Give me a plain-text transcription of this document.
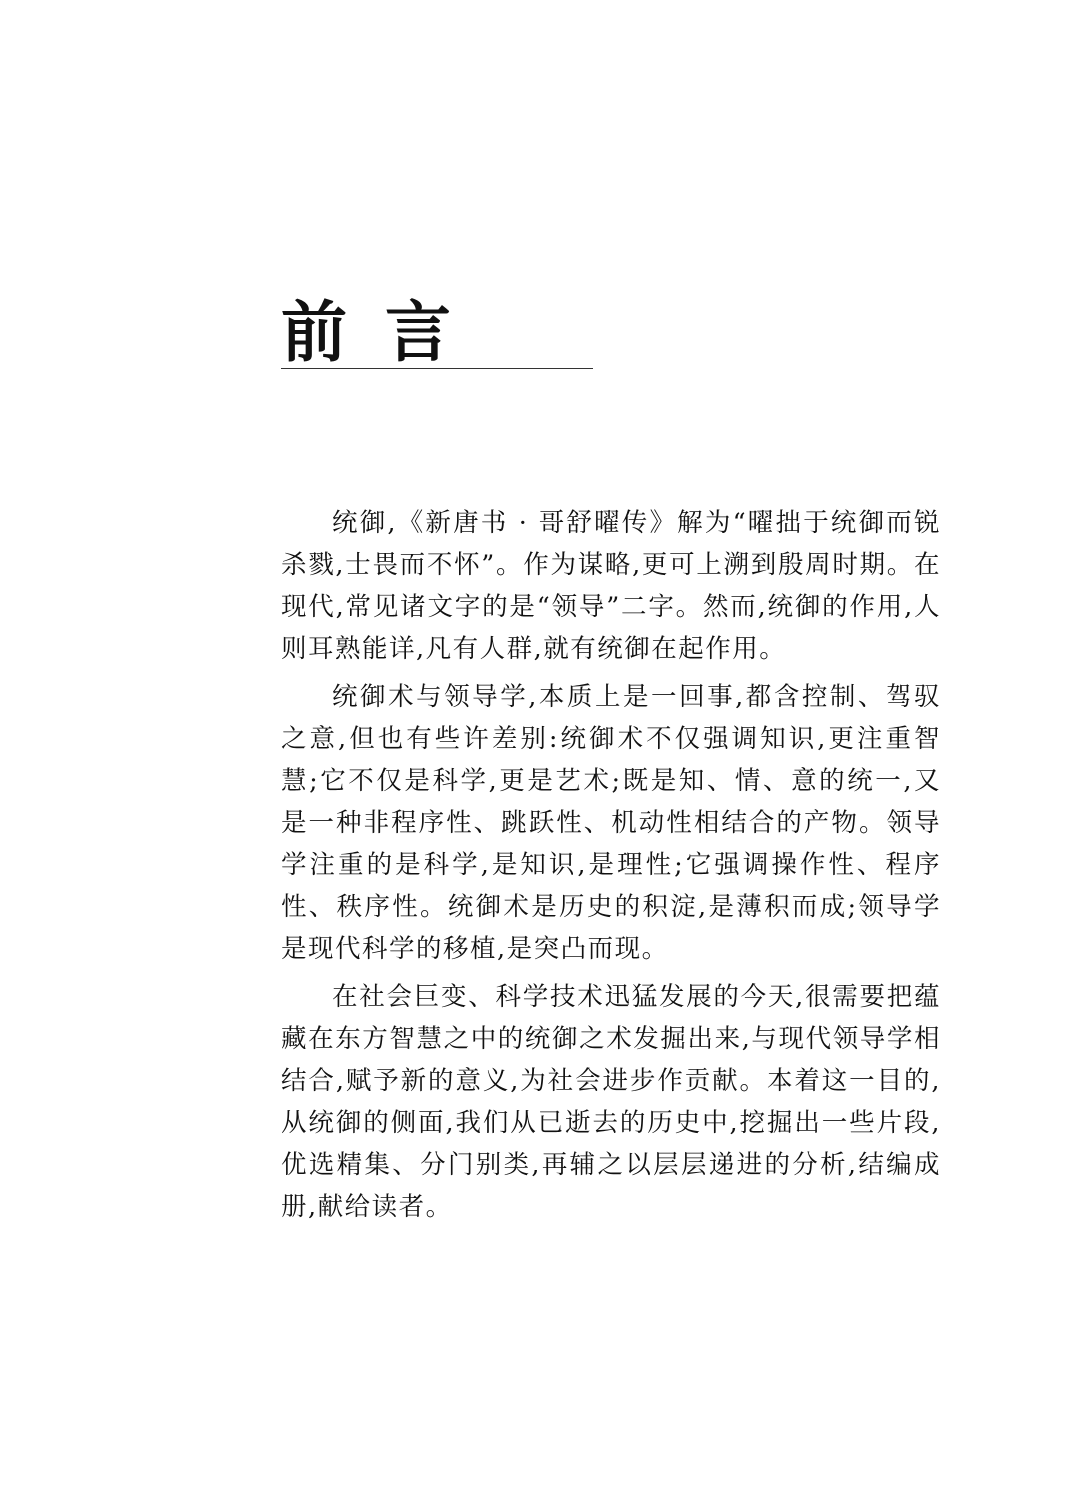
前 言

统御,《新唐书 · 哥舒曜传》解为“曜拙于统御而锐杀戮,士畏而不怀”。作为谋略,更可上溯到殷周时期。在现代,常见诸文字的是“领导”二字。然而,统御的作用,人则耳熟能详,凡有人群,就有统御在起作用。

统御术与领导学,本质上是一回事,都含控制、驾驭之意,但也有些许差别:统御术不仅强调知识,更注重智慧;它不仅是科学,更是艺术;既是知、情、意的统一,又是一种非程序性、跳跃性、机动性相结合的产物。领导学注重的是科学,是知识,是理性;它强调操作性、程序性、秩序性。统御术是历史的积淀,是薄积而成;领导学是现代科学的移植,是突凸而现。

在社会巨变、科学技术迅猛发展的今天,很需要把蕴藏在东方智慧之中的统御之术发掘出来,与现代领导学相结合,赋予新的意义,为社会进步作贡献。本着这一目的,从统御的侧面,我们从已逝去的历史中,挖掘出一些片段,优选精集、分门别类,再辅之以层层递进的分析,结编成册,献给读者。
